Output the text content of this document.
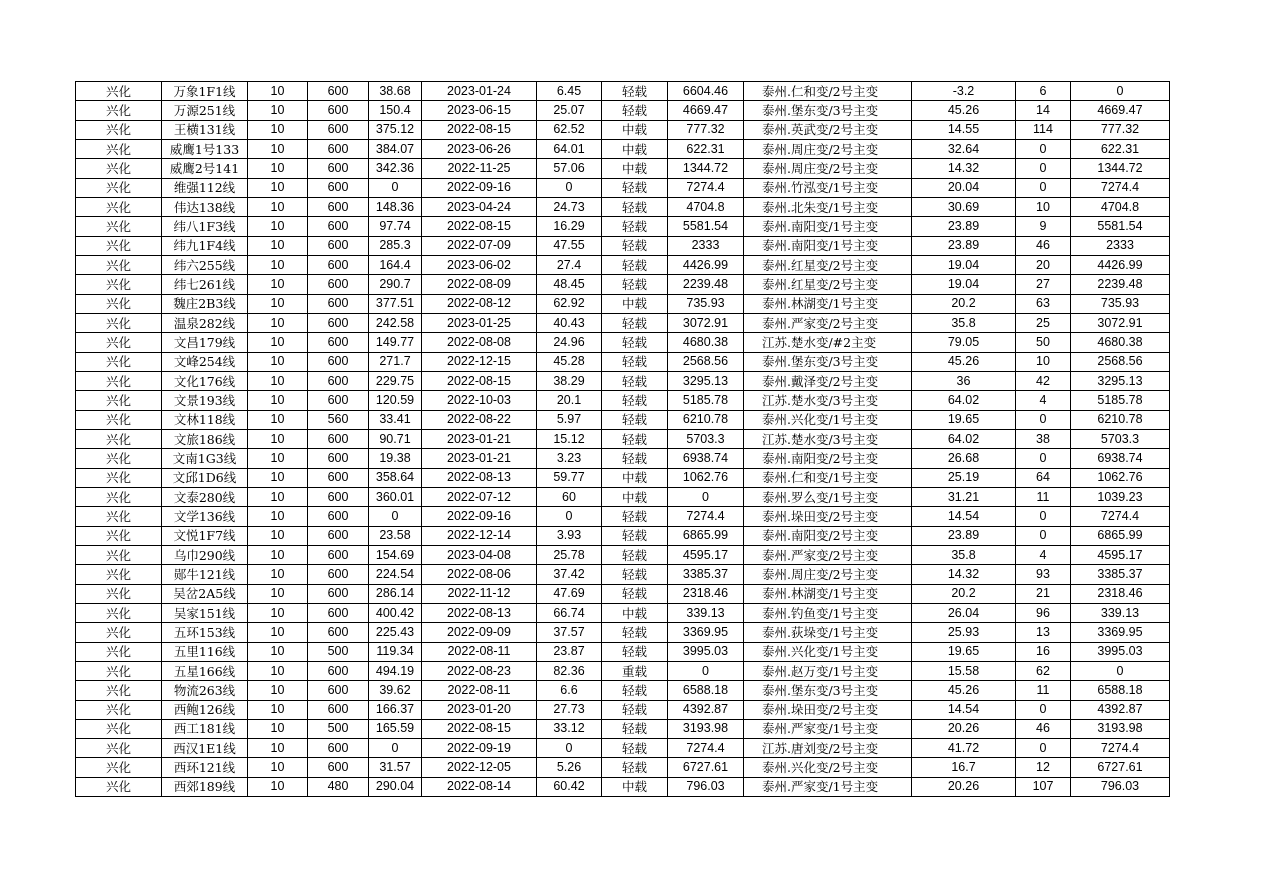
兴化	万象1F1线	10	600	38.68	2023-01-24	6.45	轻载	6604.46	泰州.仁和变/2号主变	-3.2	6	0
兴化	万源251线	10	600	150.4	2023-06-15	25.07	轻载	4669.47	泰州.堡东变/3号主变	45.26	14	4669.47
兴化	王横131线	10	600	375.12	2022-08-15	62.52	中载	777.32	泰州.英武变/2号主变	14.55	114	777.32
兴化	威鹰1号133	10	600	384.07	2023-06-26	64.01	中载	622.31	泰州.周庄变/2号主变	32.64	0	622.31
兴化	威鹰2号141	10	600	342.36	2022-11-25	57.06	中载	1344.72	泰州.周庄变/2号主变	14.32	0	1344.72
兴化	维强112线	10	600	0	2022-09-16	0	轻载	7274.4	泰州.竹泓变/1号主变	20.04	0	7274.4
兴化	伟达138线	10	600	148.36	2023-04-24	24.73	轻载	4704.8	泰州.北朱变/1号主变	30.69	10	4704.8
兴化	纬八1F3线	10	600	97.74	2022-08-15	16.29	轻载	5581.54	泰州.南阳变/1号主变	23.89	9	5581.54
兴化	纬九1F4线	10	600	285.3	2022-07-09	47.55	轻载	2333	泰州.南阳变/1号主变	23.89	46	2333
兴化	纬六255线	10	600	164.4	2023-06-02	27.4	轻载	4426.99	泰州.红星变/2号主变	19.04	20	4426.99
兴化	纬七261线	10	600	290.7	2022-08-09	48.45	轻载	2239.48	泰州.红星变/2号主变	19.04	27	2239.48
兴化	魏庄2B3线	10	600	377.51	2022-08-12	62.92	中载	735.93	泰州.林湖变/1号主变	20.2	63	735.93
兴化	温泉282线	10	600	242.58	2023-01-25	40.43	轻载	3072.91	泰州.严家变/2号主变	35.8	25	3072.91
兴化	文昌179线	10	600	149.77	2022-08-08	24.96	轻载	4680.38	江苏.楚水变/#2主变	79.05	50	4680.38
兴化	文峰254线	10	600	271.7	2022-12-15	45.28	轻载	2568.56	泰州.堡东变/3号主变	45.26	10	2568.56
兴化	文化176线	10	600	229.75	2022-08-15	38.29	轻载	3295.13	泰州.戴泽变/2号主变	36	42	3295.13
兴化	文景193线	10	600	120.59	2022-10-03	20.1	轻载	5185.78	江苏.楚水变/3号主变	64.02	4	5185.78
兴化	文林118线	10	560	33.41	2022-08-22	5.97	轻载	6210.78	泰州.兴化变/1号主变	19.65	0	6210.78
兴化	文旅186线	10	600	90.71	2023-01-21	15.12	轻载	5703.3	江苏.楚水变/3号主变	64.02	38	5703.3
兴化	文南1G3线	10	600	19.38	2023-01-21	3.23	轻载	6938.74	泰州.南阳变/2号主变	26.68	0	6938.74
兴化	文邱1D6线	10	600	358.64	2022-08-13	59.77	中载	1062.76	泰州.仁和变/1号主变	25.19	64	1062.76
兴化	文泰280线	10	600	360.01	2022-07-12	60	中载	0	泰州.罗么变/1号主变	31.21	11	1039.23
兴化	文学136线	10	600	0	2022-09-16	0	轻载	7274.4	泰州.垛田变/2号主变	14.54	0	7274.4
兴化	文悦1F7线	10	600	23.58	2022-12-14	3.93	轻载	6865.99	泰州.南阳变/2号主变	23.89	0	6865.99
兴化	乌巾290线	10	600	154.69	2023-04-08	25.78	轻载	4595.17	泰州.严家变/2号主变	35.8	4	4595.17
兴化	郧牛121线	10	600	224.54	2022-08-06	37.42	轻载	3385.37	泰州.周庄变/2号主变	14.32	93	3385.37
兴化	吴岔2A5线	10	600	286.14	2022-11-12	47.69	轻载	2318.46	泰州.林湖变/1号主变	20.2	21	2318.46
兴化	吴家151线	10	600	400.42	2022-08-13	66.74	中载	339.13	泰州.钓鱼变/1号主变	26.04	96	339.13
兴化	五环153线	10	600	225.43	2022-09-09	37.57	轻载	3369.95	泰州.荻垛变/1号主变	25.93	13	3369.95
兴化	五里116线	10	500	119.34	2022-08-11	23.87	轻载	3995.03	泰州.兴化变/1号主变	19.65	16	3995.03
兴化	五星166线	10	600	494.19	2022-08-23	82.36	重载	0	泰州.赵万变/1号主变	15.58	62	0
兴化	物流263线	10	600	39.62	2022-08-11	6.6	轻载	6588.18	泰州.堡东变/3号主变	45.26	11	6588.18
兴化	西鲍126线	10	600	166.37	2023-01-20	27.73	轻载	4392.87	泰州.垛田变/2号主变	14.54	0	4392.87
兴化	西工181线	10	500	165.59	2022-08-15	33.12	轻载	3193.98	泰州.严家变/1号主变	20.26	46	3193.98
兴化	西汉1E1线	10	600	0	2022-09-19	0	轻载	7274.4	江苏.唐刘变/2号主变	41.72	0	7274.4
兴化	西环121线	10	600	31.57	2022-12-05	5.26	轻载	6727.61	泰州.兴化变/2号主变	16.7	12	6727.61
兴化	西郊189线	10	480	290.04	2022-08-14	60.42	中载	796.03	泰州.严家变/1号主变	20.26	107	796.03
